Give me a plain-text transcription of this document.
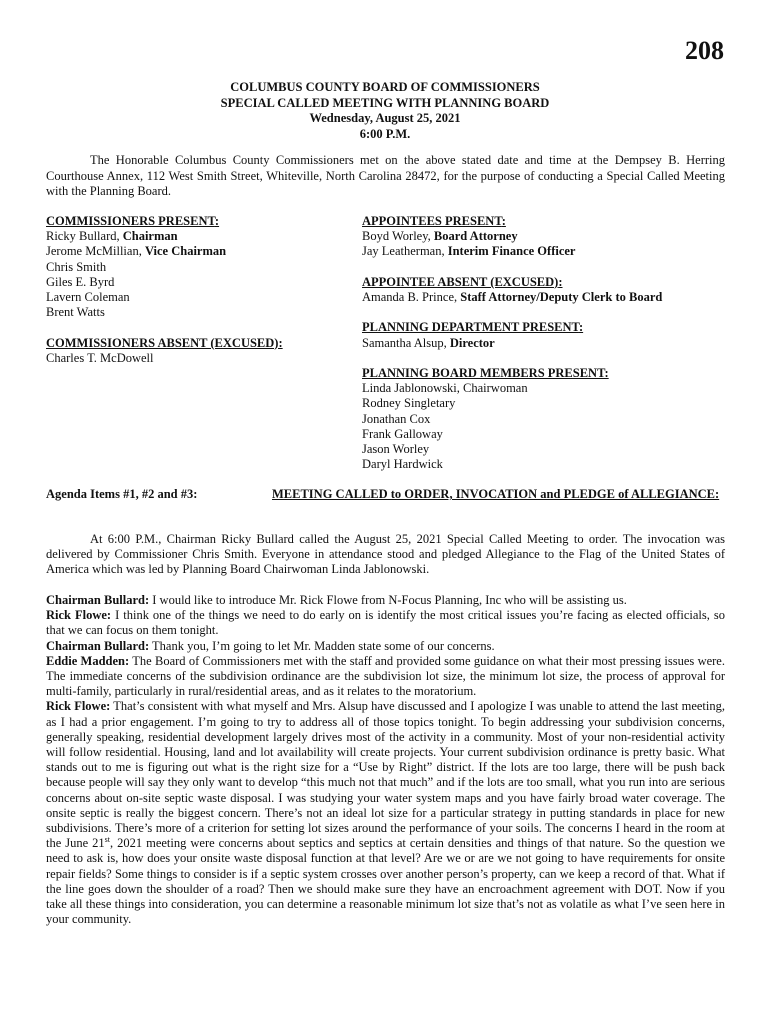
208
COLUMBUS COUNTY BOARD OF COMMISSIONERS
SPECIAL CALLED MEETING WITH PLANNING BOARD
Wednesday, August 25, 2021
6:00 P.M.

The Honorable Columbus County Commissioners met on the above stated date and time at the Dempsey B. Herring Courthouse Annex, 112 West Smith Street, Whiteville, North Carolina 28472, for the purpose of conducting a Special Called Meeting with the Planning Board.

COMMISSIONERS PRESENT:
Ricky Bullard, Chairman
Jerome McMillian, Vice Chairman
Chris Smith
Giles E. Byrd
Lavern Coleman
Brent Watts
COMMISSIONERS ABSENT (EXCUSED):
Charles T. McDowell
APPOINTEES PRESENT:
Boyd Worley, Board Attorney
Jay Leatherman, Interim Finance Officer
APPOINTEE ABSENT (EXCUSED):
Amanda B. Prince, Staff Attorney/Deputy Clerk to Board
PLANNING DEPARTMENT PRESENT:
Samantha Alsup, Director
PLANNING BOARD MEMBERS PRESENT:
Linda Jablonowski, Chairwoman
Rodney Singletary
Jonathan Cox
Frank Galloway
Jason Worley
Daryl Hardwick
Agenda Items #1, #2 and #3:	MEETING CALLED to ORDER, INVOCATION and PLEDGE of ALLEGIANCE:

At 6:00 P.M., Chairman Ricky Bullard called the August 25, 2021 Special Called Meeting to order. The invocation was delivered by Commissioner Chris Smith. Everyone in attendance stood and pledged Allegiance to the Flag of the United States of America which was led by Planning Board Chairwoman Linda Jablonowski.

Chairman Bullard: I would like to introduce Mr. Rick Flowe from N-Focus Planning, Inc who will be assisting us.

Rick Flowe: I think one of the things we need to do early on is identify the most critical issues you’re facing as elected officials, so that we can focus on them tonight.

Chairman Bullard: Thank you, I’m going to let Mr. Madden state some of our concerns.

Eddie Madden: The Board of Commissioners met with the staff and provided some guidance on what their most pressing issues were. The immediate concerns of the subdivision ordinance are the subdivision lot size, the minimum lot size, the process of approval for multi-family, particularly in rural/residential areas, and as it relates to the moratorium.

Rick Flowe: That’s consistent with what myself and Mrs. Alsup have discussed and I apologize I was unable to attend the last meeting, as I had a prior engagement. I’m going to try to address all of those topics tonight. To begin addressing your subdivision concerns, generally speaking, residential development largely drives most of the activity in a community. Most of your non-residential activity will follow residential. Housing, land and lot availability will create projects. Your current subdivision ordinance is pretty basic. What stands out to me is figuring out what is the right size for a “Use by Right” district. If the lots are too large, there will be push back because people will say they only want to develop “this much not that much” and if the lots are too small, what you run into are serious concerns about on-site septic waste disposal. I was studying your water system maps and you have fairly broad water coverage. The onsite septic is really the biggest concern. There’s not an ideal lot size for a particular strategy in putting standards in place for new subdivisions. There’s more of a criterion for setting lot sizes around the performance of your soils. The concerns I heard in the room at the June 21st, 2021 meeting were concerns about septics and septics at certain densities and things of that nature. So the question we need to ask is, how does your onsite waste disposal function at that level? Are we or are we not going to have requirements for onsite repair fields? Some things to consider is if a septic system crosses over another person’s property, can we keep a record of that. What if the line goes down the shoulder of a road? Then we should make sure they have an encroachment agreement with DOT. Now if you take all these things into consideration, you can determine a reasonable minimum lot size that’s not as volatile as what I’ve seen here in your community.
